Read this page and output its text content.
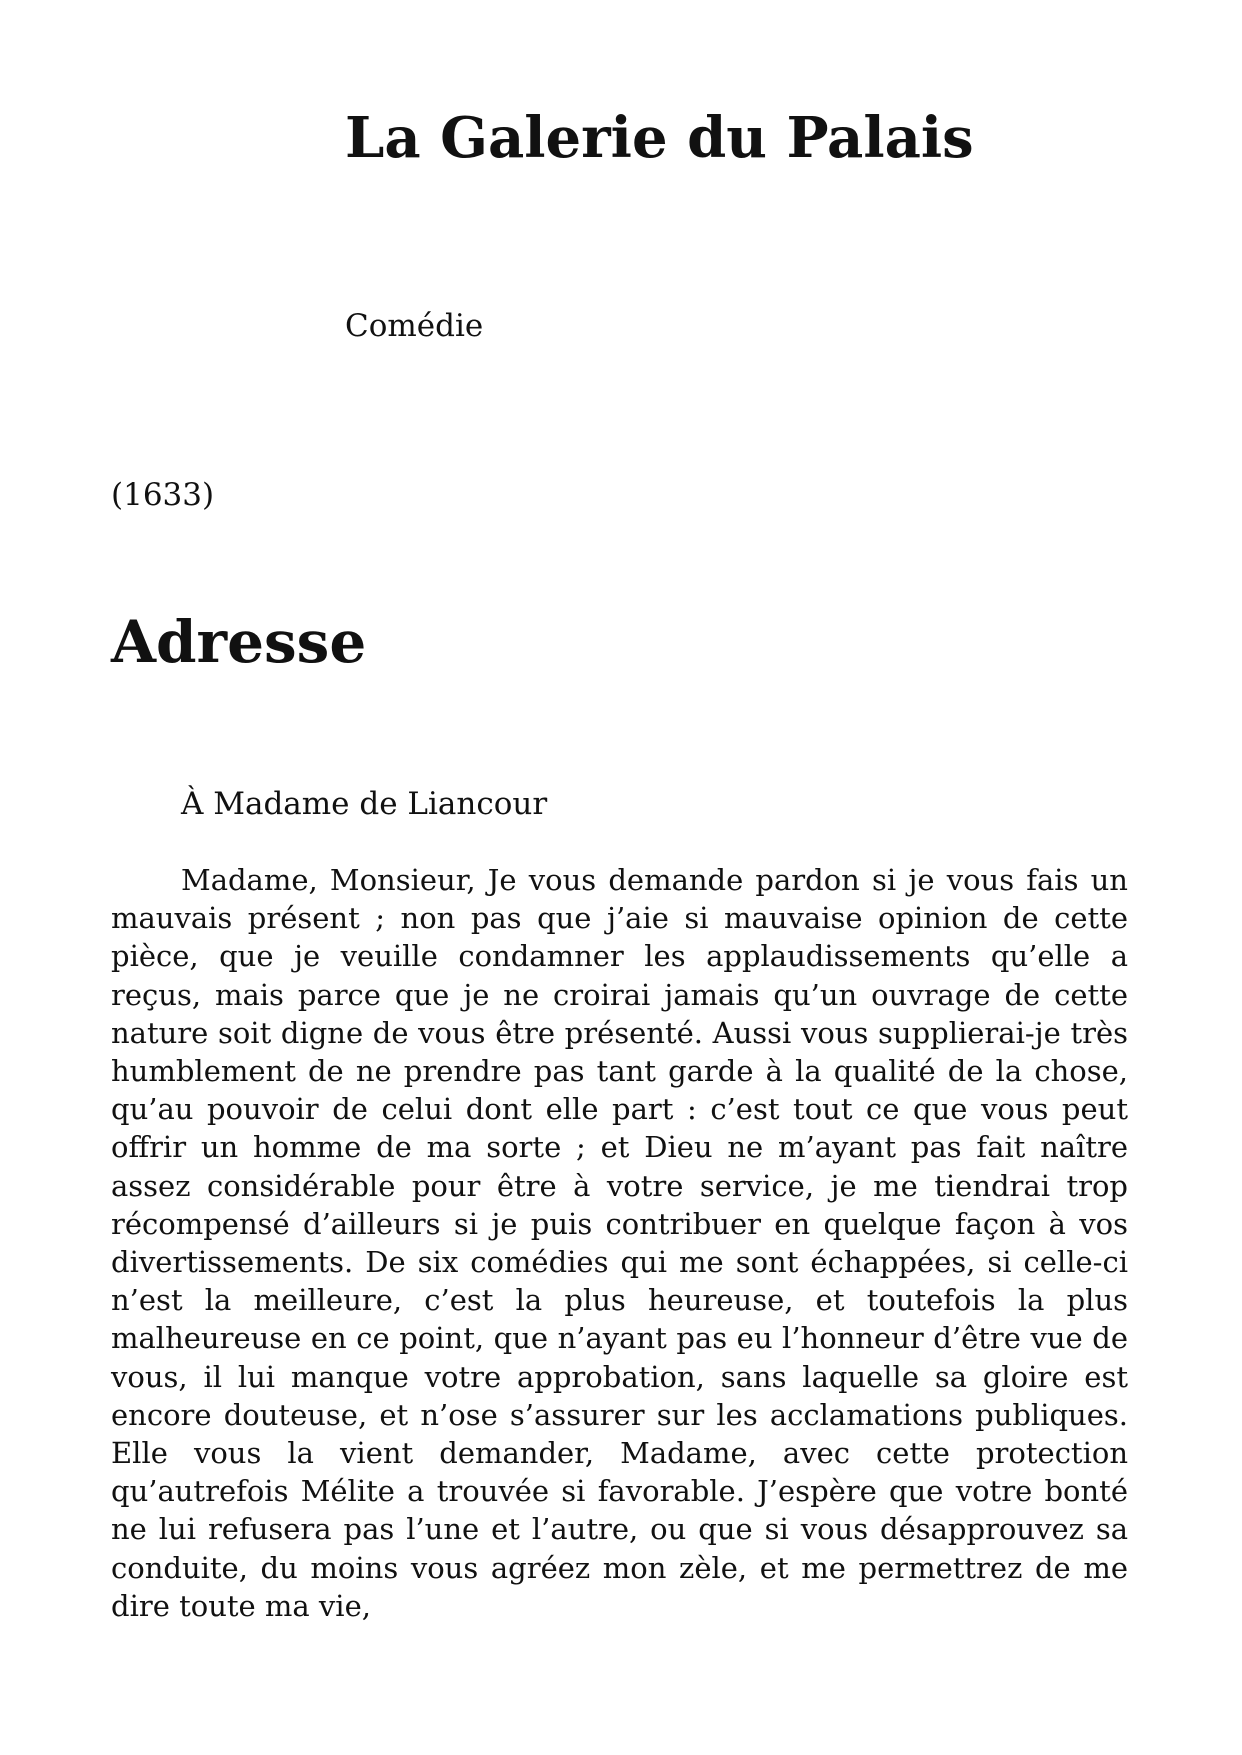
La Galerie du Palais

Comédie

(1633)

Adresse

À Madame de Liancour

Madame, Monsieur, Je vous demande pardon si je vous fais un mauvais présent ; non pas que j’aie si mauvaise opinion de cette pièce, que je veuille condamner les applaudissements qu’elle a reçus, mais parce que je ne croirai jamais qu’un ouvrage de cette nature soit digne de vous être présenté. Aussi vous supplierai-je très humblement de ne prendre pas tant garde à la qualité de la chose, qu’au pouvoir de celui dont elle part : c’est tout ce que vous peut offrir un homme de ma sorte ; et Dieu ne m’ayant pas fait naître assez considérable pour être à votre service, je me tiendrai trop récompensé d’ailleurs si je puis contribuer en quelque façon à vos divertissements. De six comédies qui me sont échappées, si celle-ci n’est la meilleure, c’est la plus heureuse, et toutefois la plus malheureuse en ce point, que n’ayant pas eu l’honneur d’être vue de vous, il lui manque votre approbation, sans laquelle sa gloire est encore douteuse, et n’ose s’assurer sur les acclamations publiques. Elle vous la vient demander, Madame, avec cette protection qu’autrefois Mélite a trouvée si favorable. J’espère que votre bonté ne lui refusera pas l’une et l’autre, ou que si vous désapprouvez sa conduite, du moins vous agréez mon zèle, et me permettrez de me dire toute ma vie,
